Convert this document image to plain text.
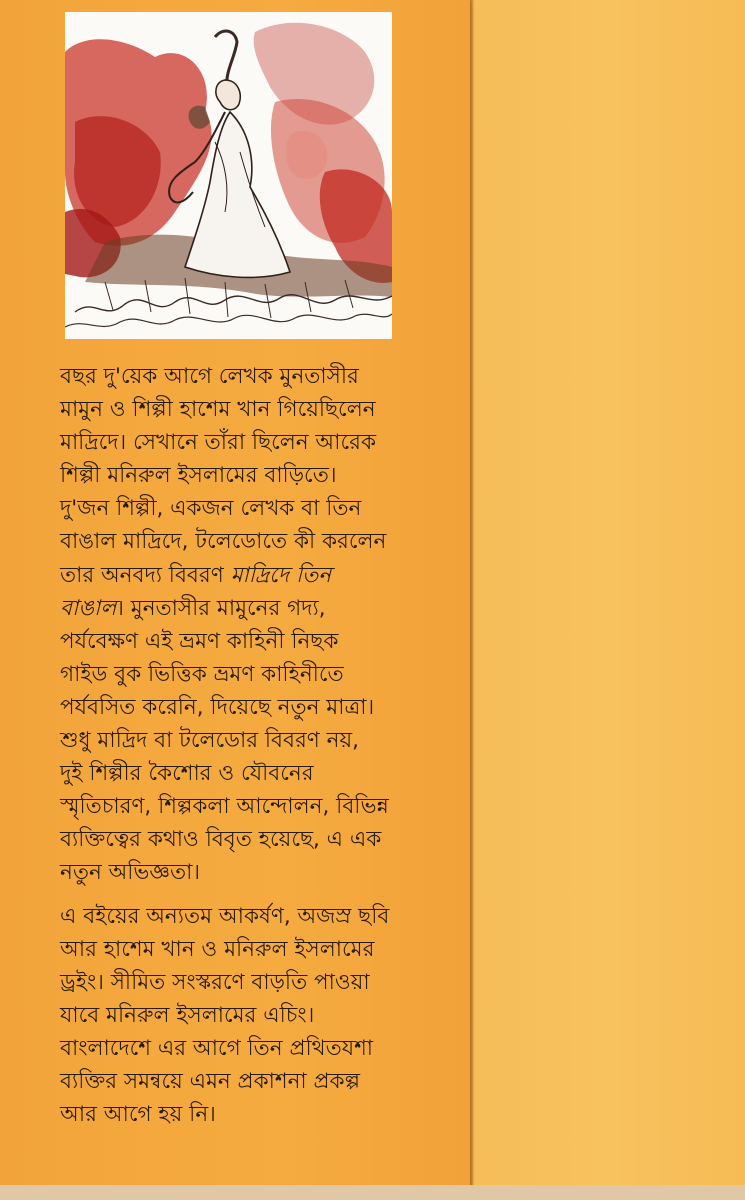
বছর দু'য়েক আগে লেখক মুনতাসীর
মামুন ও শিল্পী হাশেম খান গিয়েছিলেন
মাদ্রিদে। সেখানে তাঁরা ছিলেন আরেক
শিল্পী মনিরুল ইসলামের বাড়িতে।
দু'জন শিল্পী, একজন লেখক বা তিন
বাঙাল মাদ্রিদে, টলেডোতে কী করলেন
তার অনবদ্য বিবরণ মাদ্রিদে তিন
বাঙাল। মুনতাসীর মামুনের গদ্য,
পর্যবেক্ষণ এই ভ্রমণ কাহিনী নিছক
গাইড বুক ভিত্তিক ভ্রমণ কাহিনীতে
পর্যবসিত করেনি, দিয়েছে নতুন মাত্রা।
শুধু মাদ্রিদ বা টলেডোর বিবরণ নয়,
দুই শিল্পীর কৈশোর ও যৌবনের
স্মৃতিচারণ, শিল্পকলা আন্দোলন, বিভিন্ন
ব্যক্তিত্বের কথাও বিবৃত হয়েছে, এ এক
নতুন অভিজ্ঞতা।

এ বইয়ের অন্যতম আকর্ষণ, অজস্র ছবি
আর হাশেম খান ও মনিরুল ইসলামের
ড্রইং। সীমিত সংস্করণে বাড়তি পাওয়া
যাবে মনিরুল ইসলামের এচিং।
বাংলাদেশে এর আগে তিন প্রথিতযশা
ব্যক্তির সমন্বয়ে এমন প্রকাশনা প্রকল্প
আর আগে হয় নি।
